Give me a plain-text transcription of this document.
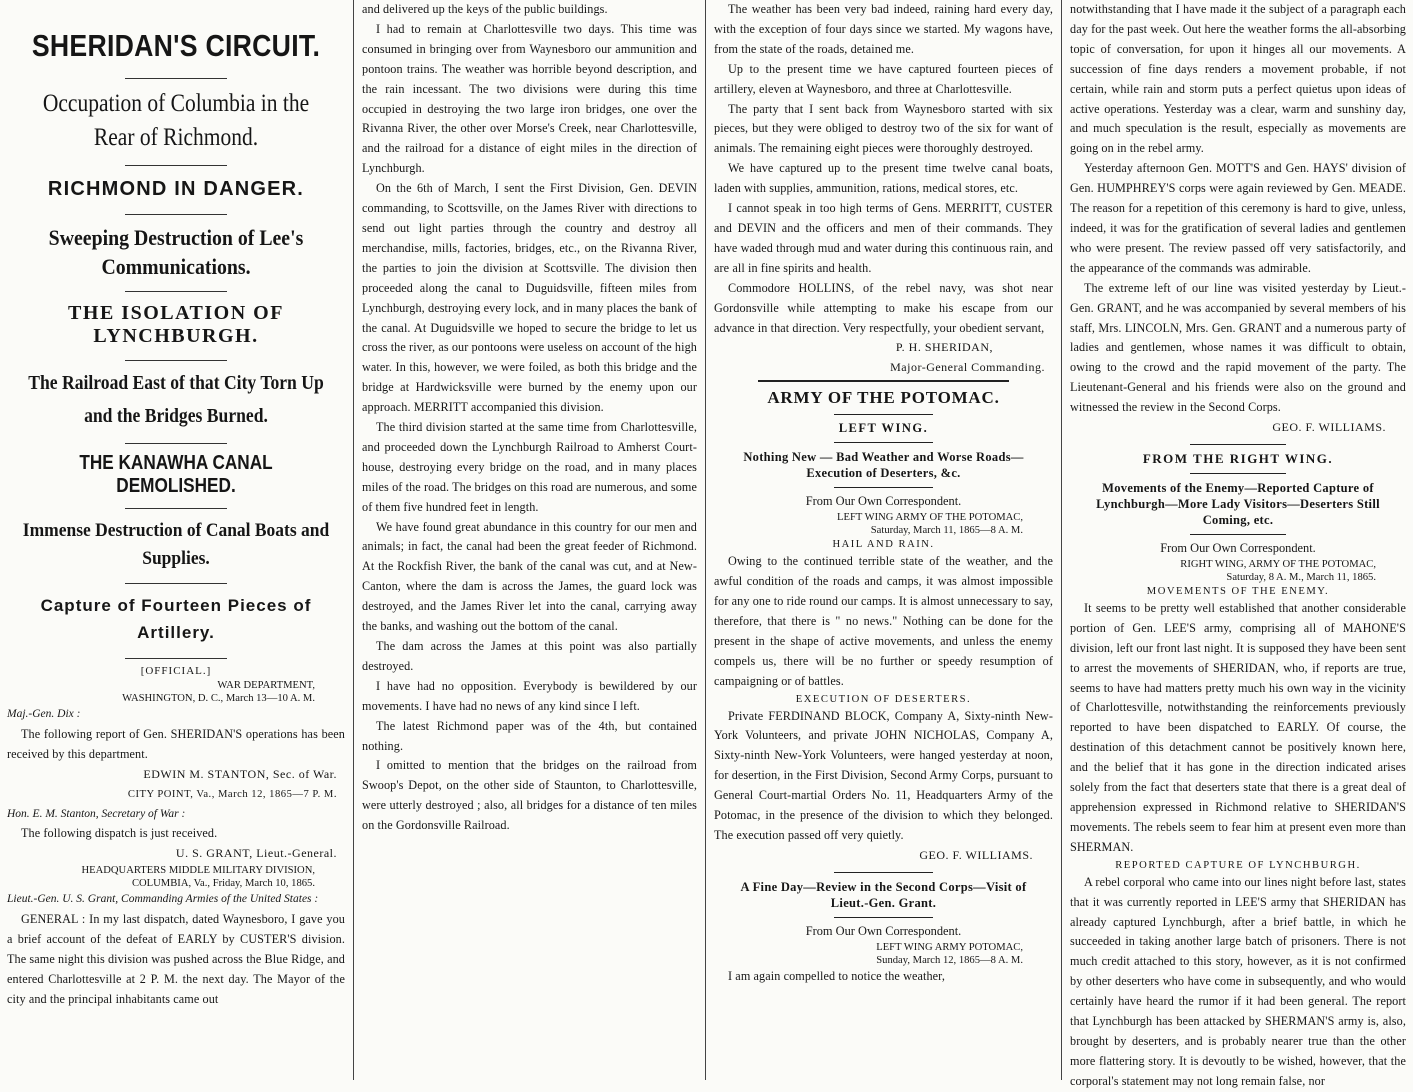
SHERIDAN'S CIRCUIT.
Occupation of Columbia in the Rear of Richmond.
RICHMOND IN DANGER.
Sweeping Destruction of Lee's Communications.
THE ISOLATION OF LYNCHBURGH.
The Railroad East of that City Torn Up and the Bridges Burned.
THE KANAWHA CANAL DEMOLISHED.
Immense Destruction of Canal Boats and Supplies.
Capture of Fourteen Pieces of Artillery.
[OFFICIAL.]
WAR DEPARTMENT,
WASHINGTON, D. C., March 13—10 A. M.
Maj.-Gen. Dix :

The following report of Gen. SHERIDAN'S operations has been received by this department.

EDWIN M. STANTON, Sec. of War.
CITY POINT, Va., March 12, 1865—7 P. M.
Hon. E. M. Stanton, Secretary of War :

The following dispatch is just received.

U. S. GRANT, Lieut.-General.
HEADQUARTERS MIDDLE MILITARY DIVISION,
COLUMBIA, Va., Friday, March 10, 1865.
Lieut.-Gen. U. S. Grant, Commanding Armies of the United States :

GENERAL : In my last dispatch, dated Waynesboro, I gave you a brief account of the defeat of EARLY by CUSTER'S division. The same night this division was pushed across the Blue Ridge, and entered Charlottesville at 2 P. M. the next day. The Mayor of the city and the principal inhabitants came out

and delivered up the keys of the public buildings.

I had to remain at Charlottesville two days. This time was consumed in bringing over from Waynesboro our ammunition and pontoon trains. The weather was horrible beyond description, and the rain incessant. The two divisions were during this time occupied in destroying the two large iron bridges, one over the Rivanna River, the other over Morse's Creek, near Charlottesville, and the railroad for a distance of eight miles in the direction of Lynchburgh.

On the 6th of March, I sent the First Division, Gen. DEVIN commanding, to Scottsville, on the James River with directions to send out light parties through the country and destroy all merchandise, mills, factories, bridges, etc., on the Rivanna River, the parties to join the division at Scottsville. The division then proceeded along the canal to Duguidsville, fifteen miles from Lynchburgh, destroying every lock, and in many places the bank of the canal. At Duguidsville we hoped to secure the bridge to let us cross the river, as our pontoons were useless on account of the high water. In this, however, we were foiled, as both this bridge and the bridge at Hardwicksville were burned by the enemy upon our approach. MERRITT accompanied this division.

The third division started at the same time from Charlottesville, and proceeded down the Lynchburgh Railroad to Amherst Court-house, destroying every bridge on the road, and in many places miles of the road. The bridges on this road are numerous, and some of them five hundred feet in length.

We have found great abundance in this country for our men and animals; in fact, the canal had been the great feeder of Richmond. At the Rockfish River, the bank of the canal was cut, and at New-Canton, where the dam is across the James, the guard lock was destroyed, and the James River let into the canal, carrying away the banks, and washing out the bottom of the canal.

The dam across the James at this point was also partially destroyed.

I have had no opposition. Everybody is bewildered by our movements. I have had no news of any kind since I left.

The latest Richmond paper was of the 4th, but contained nothing.

I omitted to mention that the bridges on the railroad from Swoop's Depot, on the other side of Staunton, to Charlottesville, were utterly destroyed ; also, all bridges for a distance of ten miles on the Gordonsville Railroad.

The weather has been very bad indeed, raining hard every day, with the exception of four days since we started. My wagons have, from the state of the roads, detained me.

Up to the present time we have captured fourteen pieces of artillery, eleven at Waynesboro, and three at Charlottesville.

The party that I sent back from Waynesboro started with six pieces, but they were obliged to destroy two of the six for want of animals. The remaining eight pieces were thoroughly destroyed.

We have captured up to the present time twelve canal boats, laden with supplies, ammunition, rations, medical stores, etc.

I cannot speak in too high terms of Gens. MERRITT, CUSTER and DEVIN and the officers and men of their commands. They have waded through mud and water during this continuous rain, and are all in fine spirits and health.

Commodore HOLLINS, of the rebel navy, was shot near Gordonsville while attempting to make his escape from our advance in that direction. Very respectfully, your obedient servant,

P. H. SHERIDAN,
Major-General Commanding.
ARMY OF THE POTOMAC.
LEFT WING.
Nothing New — Bad Weather and Worse Roads—Execution of Deserters, &c.
From Our Own Correspondent.
LEFT WING ARMY OF THE POTOMAC,
Saturday, March 11, 1865—8 A. M.
HAIL AND RAIN.

Owing to the continued terrible state of the weather, and the awful condition of the roads and camps, it was almost impossible for any one to ride round our camps. It is almost unnecessary to say, therefore, that there is " no news." Nothing can be done for the present in the shape of active movements, and unless the enemy compels us, there will be no further or speedy resumption of campaigning or of battles.

EXECUTION OF DESERTERS.

Private FERDINAND BLOCK, Company A, Sixty-ninth New-York Volunteers, and private JOHN NICHOLAS, Company A, Sixty-ninth New-York Volunteers, were hanged yesterday at noon, for desertion, in the First Division, Second Army Corps, pursuant to General Court-martial Orders No. 11, Headquarters Army of the Potomac, in the presence of the division to which they belonged. The execution passed off very quietly.

GEO. F. WILLIAMS.
A Fine Day—Review in the Second Corps—Visit of Lieut.-Gen. Grant.
From Our Own Correspondent.
LEFT WING ARMY POTOMAC,
Sunday, March 12, 1865—8 A. M.

I am again compelled to notice the weather,

notwithstanding that I have made it the subject of a paragraph each day for the past week. Out here the weather forms the all-absorbing topic of conversation, for upon it hinges all our movements. A succession of fine days renders a movement probable, if not certain, while rain and storm puts a perfect quietus upon ideas of active operations. Yesterday was a clear, warm and sunshiny day, and much speculation is the result, especially as movements are going on in the rebel army.

Yesterday afternoon Gen. MOTT'S and Gen. HAYS' division of Gen. HUMPHREY'S corps were again reviewed by Gen. MEADE. The reason for a repetition of this ceremony is hard to give, unless, indeed, it was for the gratification of several ladies and gentlemen who were present. The review passed off very satisfactorily, and the appearance of the commands was admirable.

The extreme left of our line was visited yesterday by Lieut.-Gen. GRANT, and he was accompanied by several members of his staff, Mrs. LINCOLN, Mrs. Gen. GRANT and a numerous party of ladies and gentlemen, whose names it was difficult to obtain, owing to the crowd and the rapid movement of the party. The Lieutenant-General and his friends were also on the ground and witnessed the review in the Second Corps.

GEO. F. WILLIAMS.
FROM THE RIGHT WING.
Movements of the Enemy—Reported Capture of Lynchburgh—More Lady Visitors—Deserters Still Coming, etc.
From Our Own Correspondent.
RIGHT WING, ARMY OF THE POTOMAC,
Saturday, 8 A. M., March 11, 1865.
MOVEMENTS OF THE ENEMY.

It seems to be pretty well established that another considerable portion of Gen. LEE'S army, comprising all of MAHONE'S division, left our front last night. It is supposed they have been sent to arrest the movements of SHERIDAN, who, if reports are true, seems to have had matters pretty much his own way in the vicinity of Charlottesville, notwithstanding the reinforcements previously reported to have been dispatched to EARLY. Of course, the destination of this detachment cannot be positively known here, and the belief that it has gone in the direction indicated arises solely from the fact that deserters state that there is a great deal of apprehension expressed in Richmond relative to SHERIDAN'S movements. The rebels seem to fear him at present even more than SHERMAN.

REPORTED CAPTURE OF LYNCHBURGH.

A rebel corporal who came into our lines night before last, states that it was currently reported in LEE'S army that SHERIDAN has already captured Lynchburgh, after a brief battle, in which he succeeded in taking another large batch of prisoners. There is not much credit attached to this story, however, as it is not confirmed by other deserters who have come in subsequently, and who would certainly have heard the rumor if it had been general. The report that Lynchburgh has been attacked by SHERMAN'S army is, also, brought by deserters, and is probably nearer true than the other more flattering story. It is devoutly to be wished, however, that the corporal's statement may not long remain false, nor
